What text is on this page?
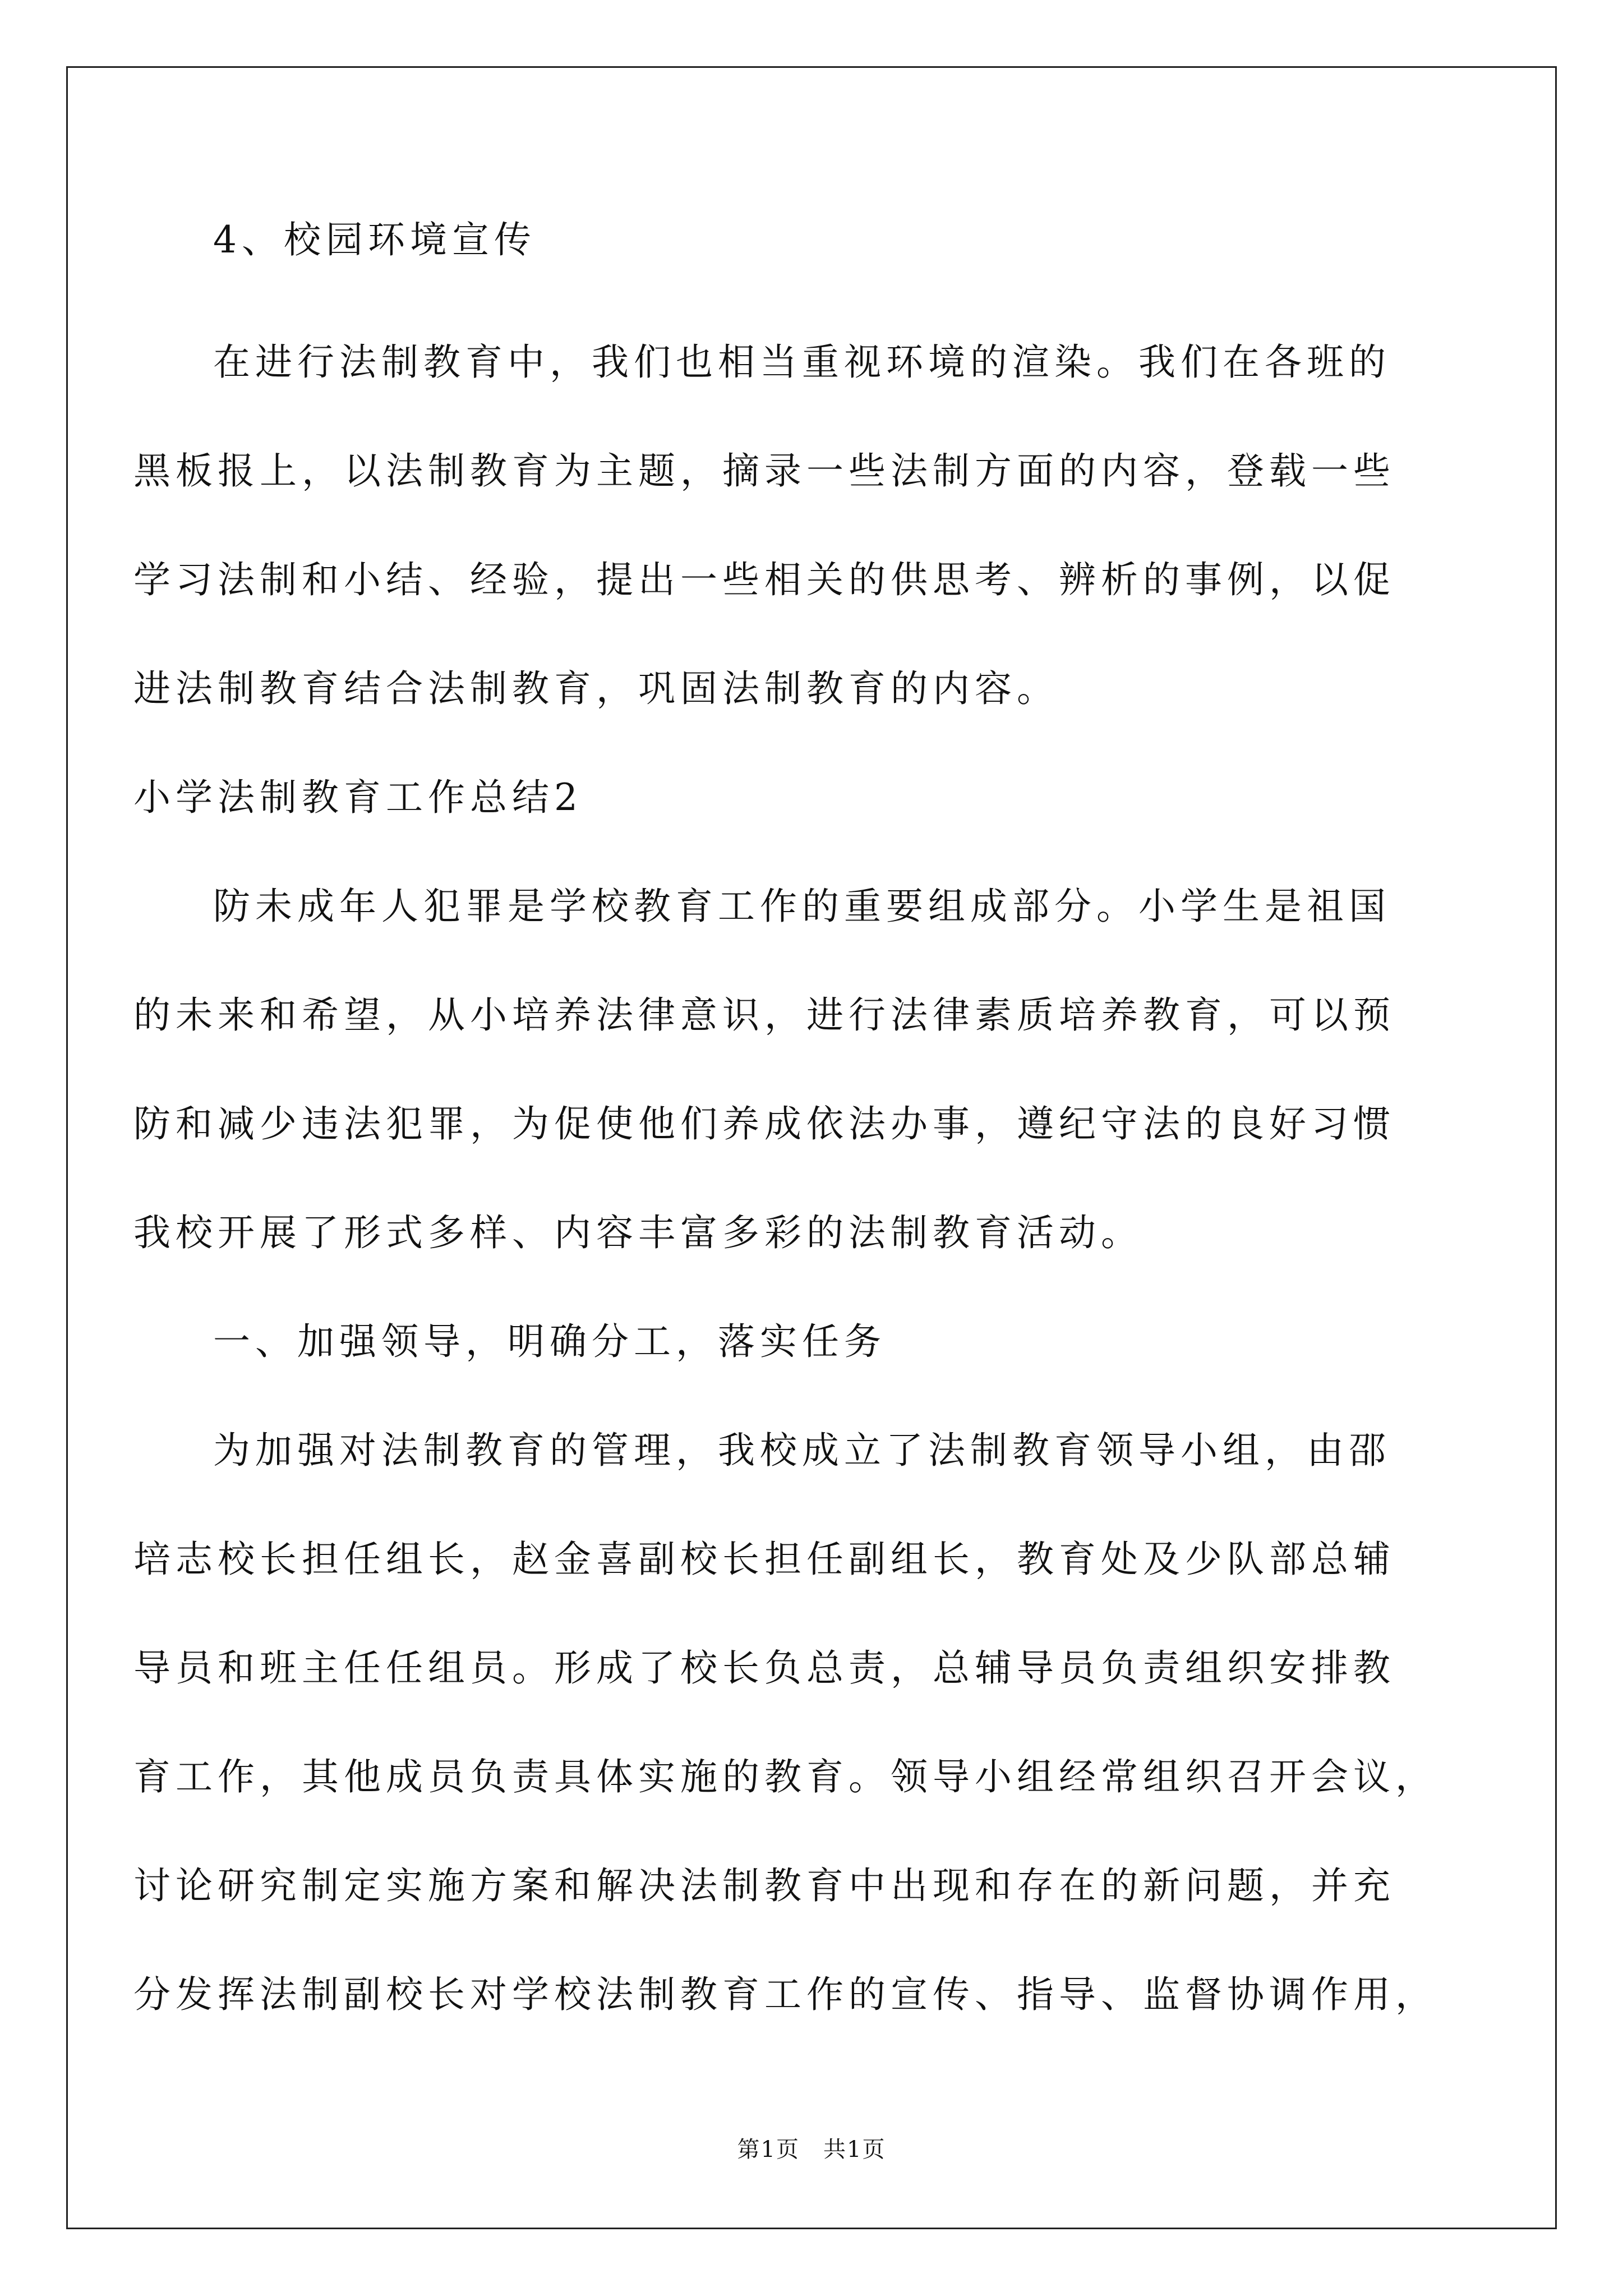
4、校园环境宣传
在进行法制教育中，我们也相当重视环境的渲染。我们在各班的
黑板报上，以法制教育为主题，摘录一些法制方面的内容，登载一些
学习法制和小结、经验，提出一些相关的供思考、辨析的事例，以促
进法制教育结合法制教育，巩固法制教育的内容。
小学法制教育工作总结2
防未成年人犯罪是学校教育工作的重要组成部分。小学生是祖国
的未来和希望，从小培养法律意识，进行法律素质培养教育，可以预
防和减少违法犯罪，为促使他们养成依法办事，遵纪守法的良好习惯
我校开展了形式多样、内容丰富多彩的法制教育活动。
一、加强领导，明确分工，落实任务
为加强对法制教育的管理，我校成立了法制教育领导小组，由邵
培志校长担任组长，赵金喜副校长担任副组长，教育处及少队部总辅
导员和班主任任组员。形成了校长负总责，总辅导员负责组织安排教
育工作，其他成员负责具体实施的教育。领导小组经常组织召开会议，
讨论研究制定实施方案和解决法制教育中出现和存在的新问题，并充
分发挥法制副校长对学校法制教育工作的宣传、指导、监督协调作用，
第1页　共1页
